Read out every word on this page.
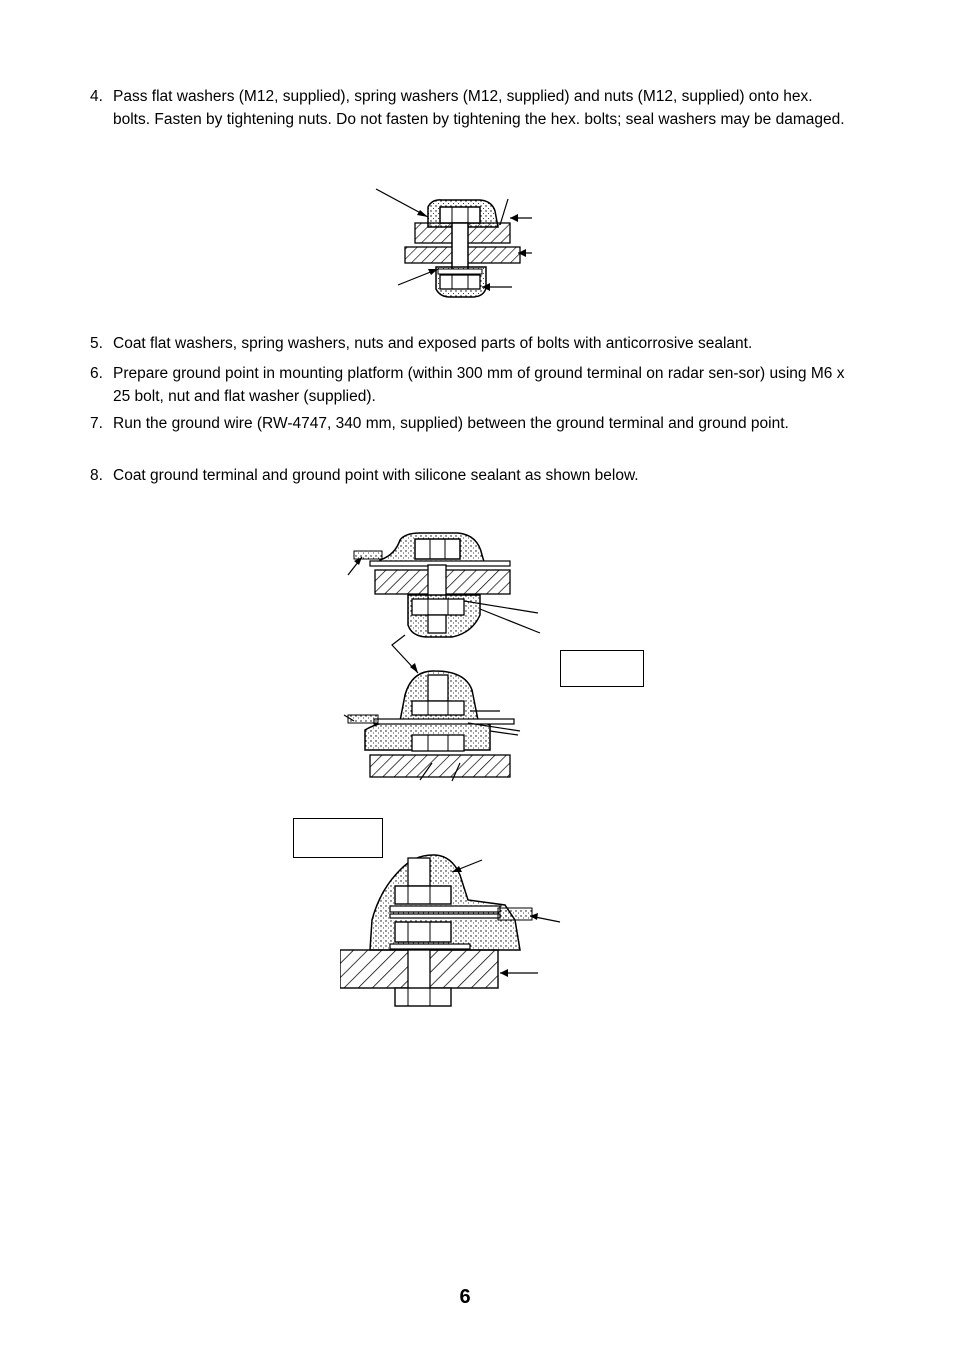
4. Pass flat washers (M12, supplied), spring washers (M12, supplied) and nuts (M12, supplied) onto hex. bolts. Fasten by tightening nuts. Do not fasten by tightening the hex. bolts; seal washers may be damaged.
5. Coat flat washers, spring washers, nuts and exposed parts of bolts with anticorrosive sealant.
6. Prepare ground point in mounting platform (within 300 mm of ground terminal on radar sen-sor) using M6 x 25 bolt, nut and flat washer (supplied).
7. Run the ground wire (RW-4747, 340 mm, supplied) between the ground terminal and ground point.
8. Coat ground terminal and ground point with silicone sealant as shown below.
6
